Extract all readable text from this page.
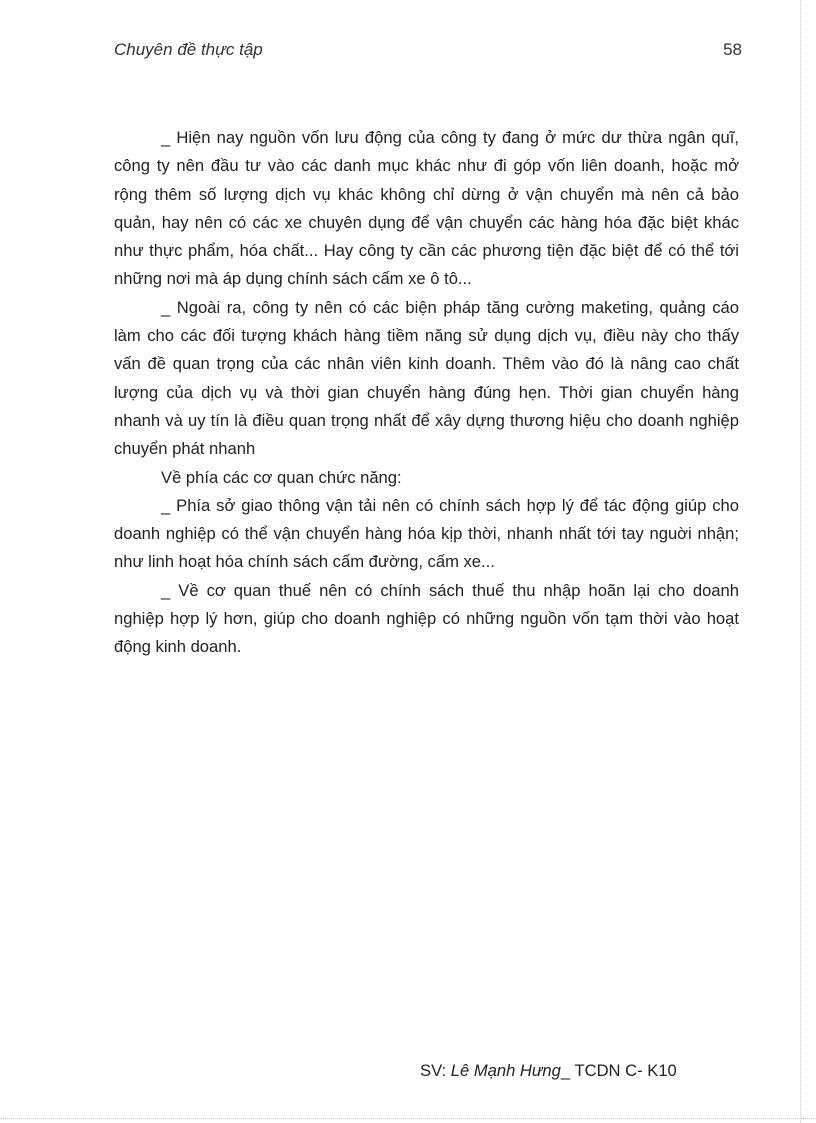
Chuyên đề thực tập	58

_ Hiện nay nguồn vốn lưu động của công ty đang ở mức dư thừa ngân quĩ, công ty nên đầu tư vào các danh mục khác như đi góp vốn liên doanh, hoặc mở rộng thêm số lượng dịch vụ khác không chỉ dừng ở vận chuyển mà nên cả bảo quản, hay nên có các xe chuyên dụng để vận chuyển các hàng hóa đặc biệt khác như thực phẩm, hóa chất... Hay công ty cần các phương tiện đặc biệt để có thể tới những nơi mà áp dụng chính sách cấm xe ô tô...

_ Ngoài ra, công ty nên có các biện pháp tăng cường maketing, quảng cáo làm cho các đối tượng khách hàng tiềm năng sử dụng dịch vụ, điều này cho thấy vấn đề quan trọng của các nhân viên kinh doanh. Thêm vào đó là nâng cao chất lượng của dịch vụ và thời gian chuyển hàng đúng hẹn. Thời gian chuyển hàng nhanh và uy tín là điều quan trọng nhất để xây dựng thương hiệu cho doanh nghiệp chuyển phát nhanh

Về phía các cơ quan chức năng:

_ Phía sở giao thông vận tải nên có chính sách hợp lý để tác động giúp cho doanh nghiệp có thể vận chuyển hàng hóa kịp thời, nhanh nhất tới tay nguời nhận; như linh hoạt hóa chính sách cấm đường, cấm xe...

_ Về cơ quan thuế nên có chính sách thuế thu nhập hoãn lại cho doanh nghiệp hợp lý hơn, giúp cho doanh nghiệp có những nguồn vốn tạm thời vào hoạt động kinh doanh.

SV: Lê Mạnh Hưng_ TCDN C- K10
